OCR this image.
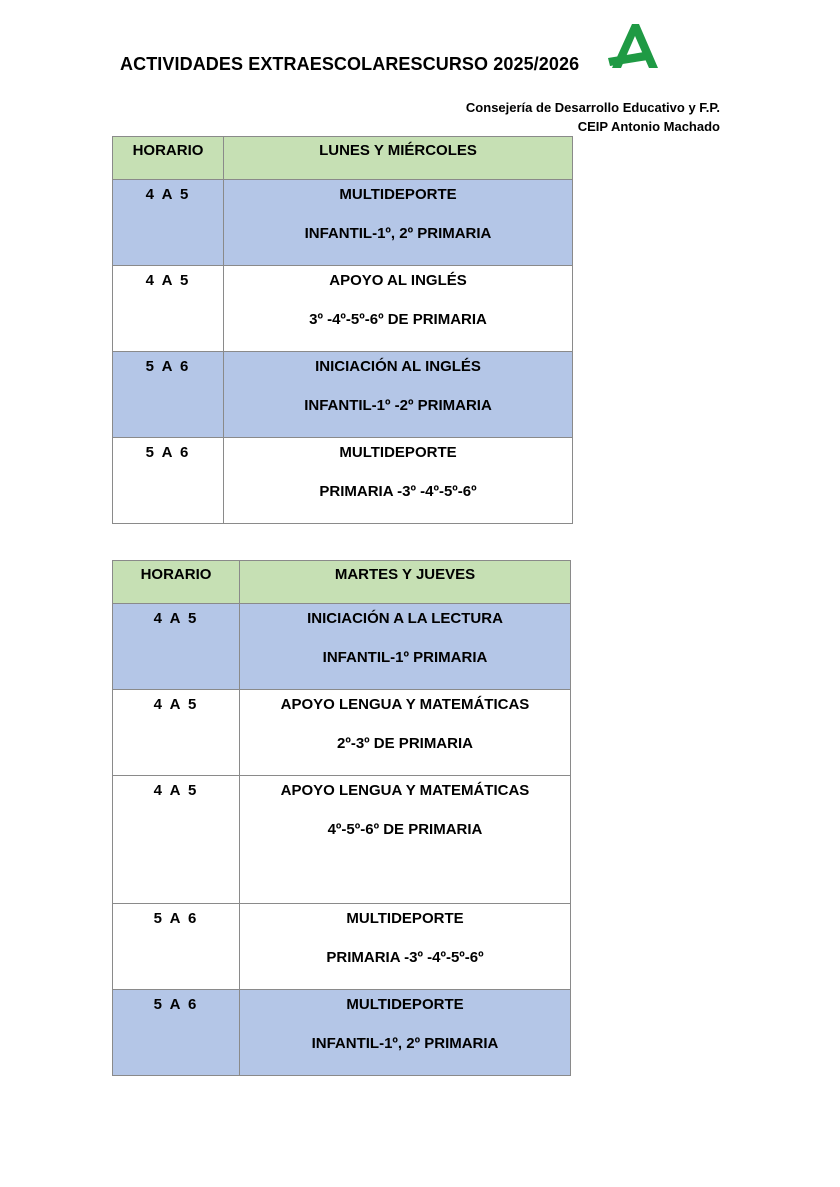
ACTIVIDADES EXTRAESCOLARESCURSO 2025/2026
Consejería de Desarrollo Educativo y F.P.
CEIP Antonio Machado
HORARIO	LUNES Y MIÉRCOLES
4 A 5	MULTIDEPORTE
INFANTIL-1º, 2º PRIMARIA

4 A 5	APOYO AL INGLÉS
3º -4º-5º-6º DE PRIMARIA

5 A 6	INICIACIÓN AL INGLÉS
INFANTIL-1º -2º PRIMARIA

5 A 6	MULTIDEPORTE
PRIMARIA -3º -4º-5º-6º
HORARIO	MARTES Y JUEVES
4 A 5	INICIACIÓN A LA LECTURA
INFANTIL-1º PRIMARIA

4 A 5	APOYO LENGUA Y MATEMÁTICAS
2º-3º DE PRIMARIA

4 A 5	APOYO LENGUA Y MATEMÁTICAS
4º-5º-6º DE PRIMARIA

5 A 6	MULTIDEPORTE
PRIMARIA -3º -4º-5º-6º

5 A 6	MULTIDEPORTE
INFANTIL-1º, 2º PRIMARIA
